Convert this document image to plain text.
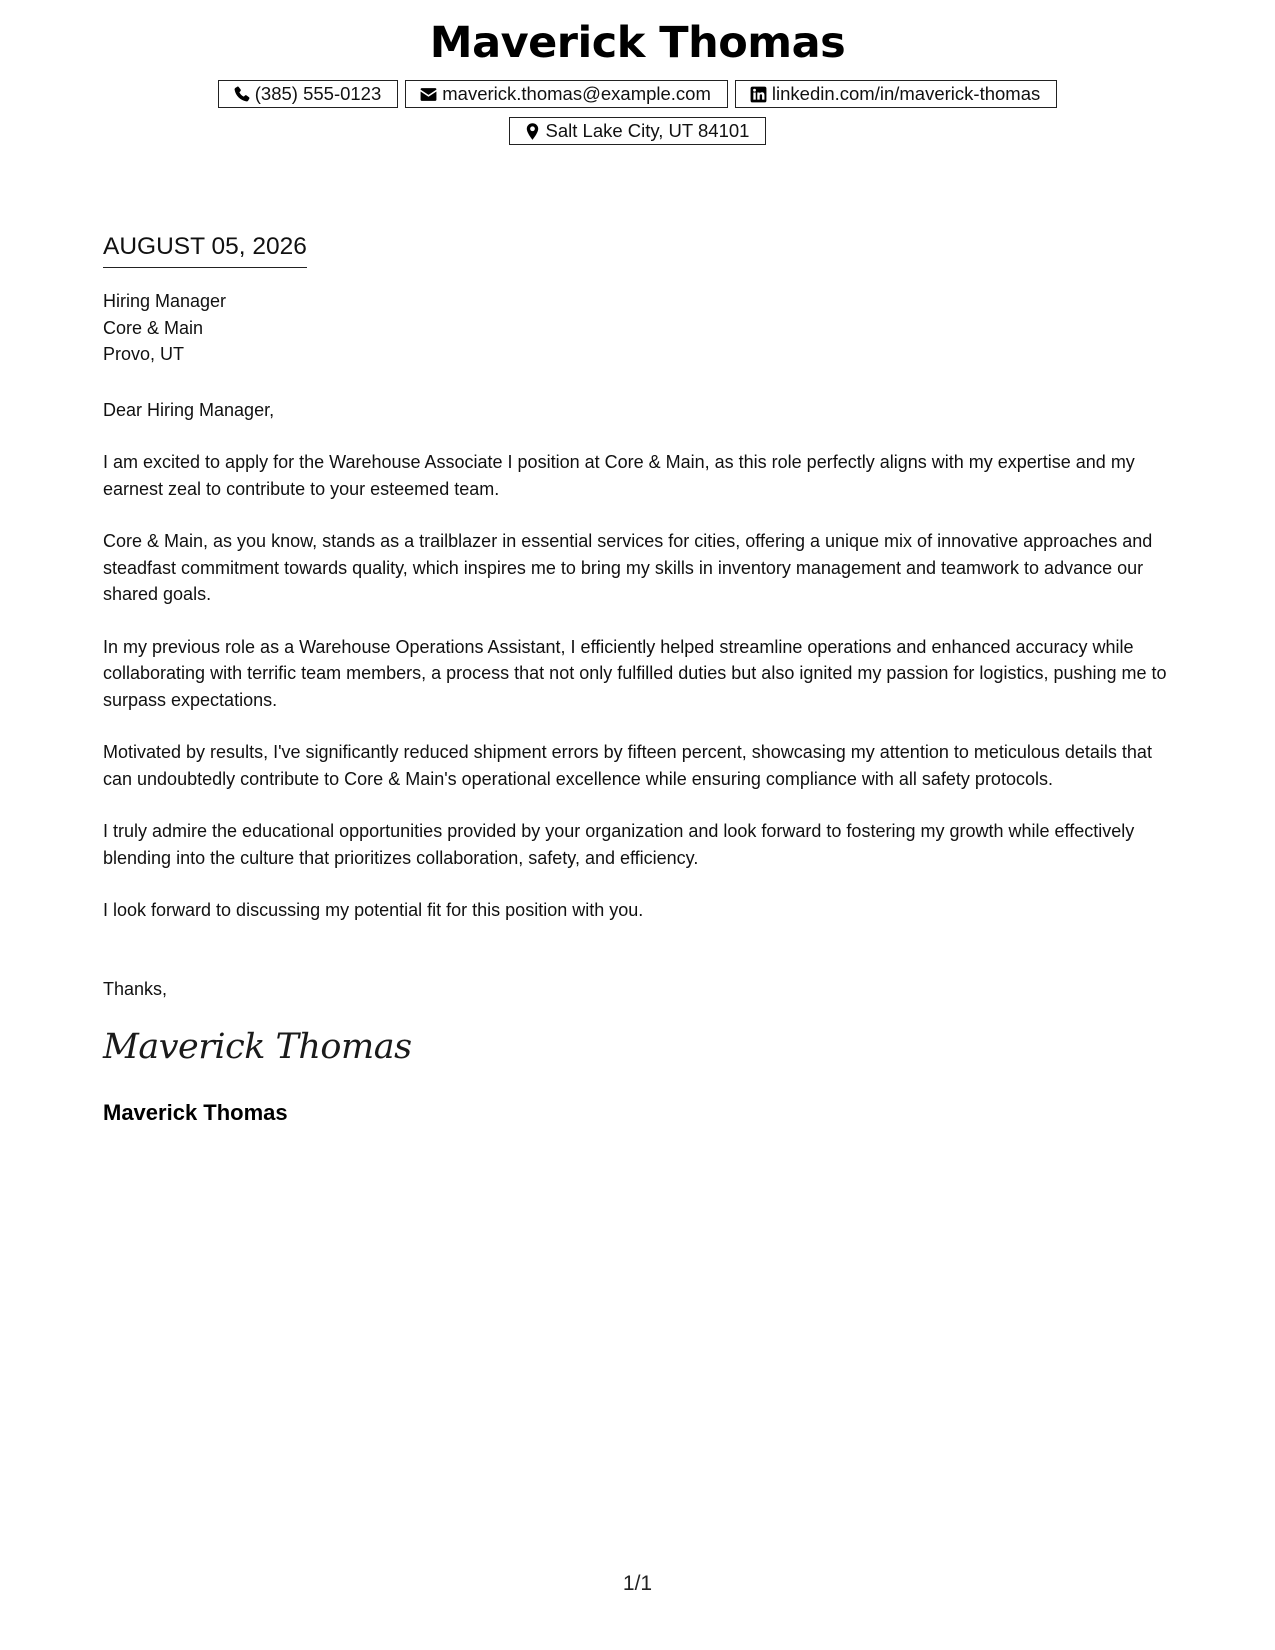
Maverick Thomas
(385) 555-0123	maverick.thomas@example.com	linkedin.com/in/maverick-thomas
Salt Lake City, UT 84101
AUGUST 05, 2026
Hiring Manager
Core & Main
Provo, UT
Dear Hiring Manager,
I am excited to apply for the Warehouse Associate I position at Core & Main, as this role perfectly aligns with my expertise and my earnest zeal to contribute to your esteemed team.
Core & Main, as you know, stands as a trailblazer in essential services for cities, offering a unique mix of innovative approaches and steadfast commitment towards quality, which inspires me to bring my skills in inventory management and teamwork to advance our shared goals.
In my previous role as a Warehouse Operations Assistant, I efficiently helped streamline operations and enhanced accuracy while collaborating with terrific team members, a process that not only fulfilled duties but also ignited my passion for logistics, pushing me to surpass expectations.
Motivated by results, I've significantly reduced shipment errors by fifteen percent, showcasing my attention to meticulous details that can undoubtedly contribute to Core & Main's operational excellence while ensuring compliance with all safety protocols.
I truly admire the educational opportunities provided by your organization and look forward to fostering my growth while effectively blending into the culture that prioritizes collaboration, safety, and efficiency.
I look forward to discussing my potential fit for this position with you.
Thanks,
Maverick Thomas
Maverick Thomas
1/1
